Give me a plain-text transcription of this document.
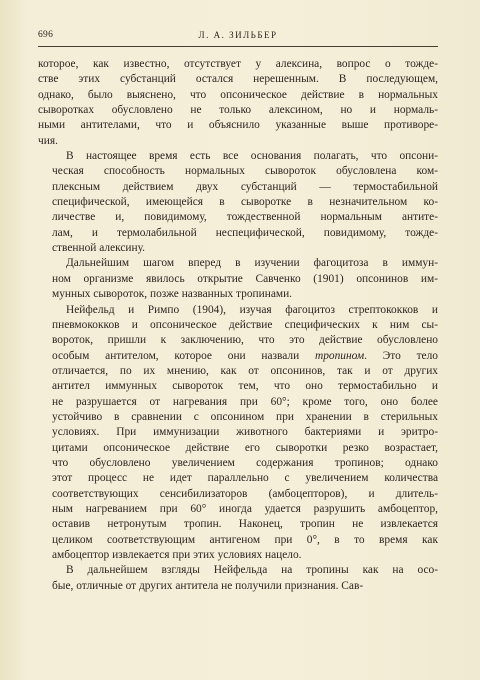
696	Л. А. ЗИЛЬБЕР

которое, как известно, отсутствует у алексина, вопрос о тожде-
стве этих субстанций остался нерешенным. В последующем,
однако, было выяснено, что опсоническое действие в нормальных
сыворотках обусловлено не только алексином, но и нормаль-
ными антителами, что и объяснило указанные выше противоре-
чия.

В настоящее время есть все основания полагать, что опсони-
ческая способность нормальных сывороток обусловлена ком-
плексным действием двух субстанций — термостабильной
специфической, имеющейся в сыворотке в незначительном ко-
личестве и, повидимому, тождественной нормальным антите-
лам, и термолабильной неспецифической, повидимому, тожде-
ственной алексину.

Дальнейшим шагом вперед в изучении фагоцитоза в иммун-
ном организме явилось открытие Савченко (1901) опсонинов им-
мунных сывороток, позже названных тропинами.

Нейфельд и Римпо (1904), изучая фагоцитоз стрептококков и
пневмококков и опсоническое действие специфических к ним сы-
вороток, пришли к заключению, что это действие обусловлено
особым антителом, которое они назвали тропином. Это тело
отличается, по их мнению, как от опсонинов, так и от других
антител иммунных сывороток тем, что оно термостабильно и
не разрушается от нагревания при 60°; кроме того, оно более
устойчиво в сравнении с опсонином при хранении в стерильных
условиях. При иммунизации животного бактериями и эритро-
цитами опсоническое действие его сыворотки резко возрастает,
что обусловлено увеличением содержания тропинов; однако
этот процесс не идет параллельно с увеличением количества
соответствующих сенсибилизаторов (амбоцепторов), и длитель-
ным нагреванием при 60° иногда удается разрушить амбоцептор,
оставив нетронутым тропин. Наконец, тропин не извлекается
целиком соответствующим антигеном при 0°, в то время как
амбоцептор извлекается при этих условиях нацело.

В дальнейшем взгляды Нейфельда на тропины как на осо-
бые, отличные от других антитела не получили признания. Сав-
